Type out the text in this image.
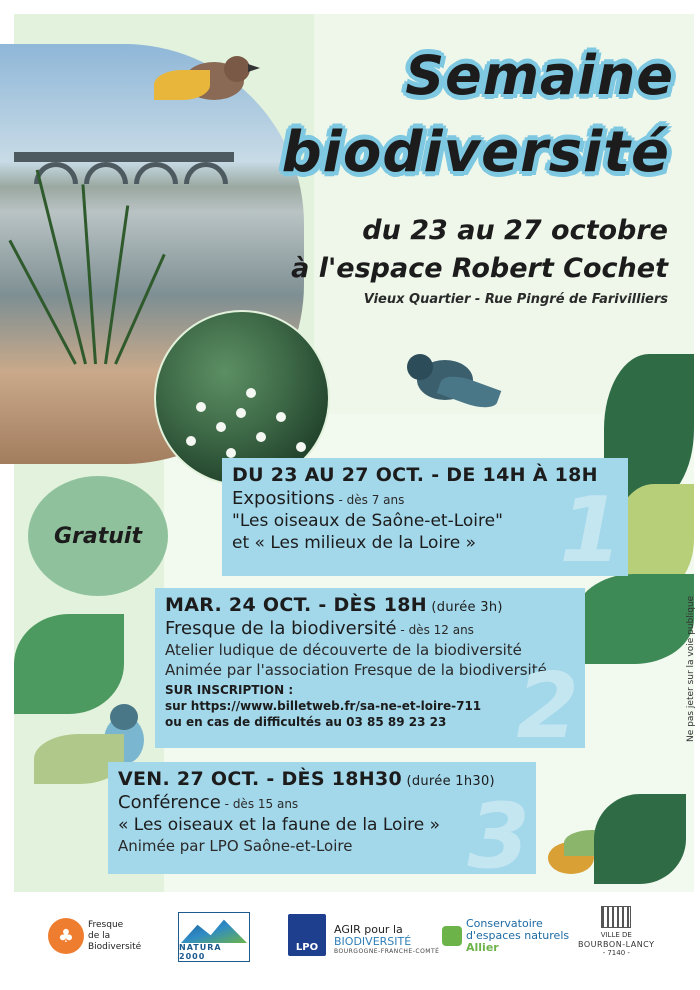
Ne pas jeter sur la voie publique
Semaine
biodiversité
du 23 au 27 octobre
à l'espace Robert Cochet
Vieux Quartier - Rue Pingré de Farivilliers
Gratuit	1
DU 23 AU 27 OCT. - DE 14H À 18H
Expositions - dès 7 ans
"Les oiseaux de Saône-et-Loire"
et « Les milieux de la Loire »
2
MAR. 24 OCT. - DÈS 18H (durée 3h)
Fresque de la biodiversité - dès 12 ans
Atelier ludique de découverte de la biodiversité
Animée par l'association Fresque de la biodiversité
SUR INSCRIPTION :
sur https://www.billetweb.fr/sa-ne-et-loire-711
ou en cas de difficultés au 03 85 89 23 23
3
VEN. 27 OCT. - DÈS 18H30 (durée 1h30)
Conférence - dès 15 ans
« Les oiseaux et la faune de la Loire »
Animée par LPO Saône-et-Loire
♣
Fresque
de la
Biodiversité	NATURA 2000
LPO
AGIR pour la
BIODIVERSITÉ
BOURGOGNE-FRANCHE-COMTÉ
Conservatoire
d'espaces naturels
Allier
VILLE DE
BOURBON-LANCY
- 7140 -
